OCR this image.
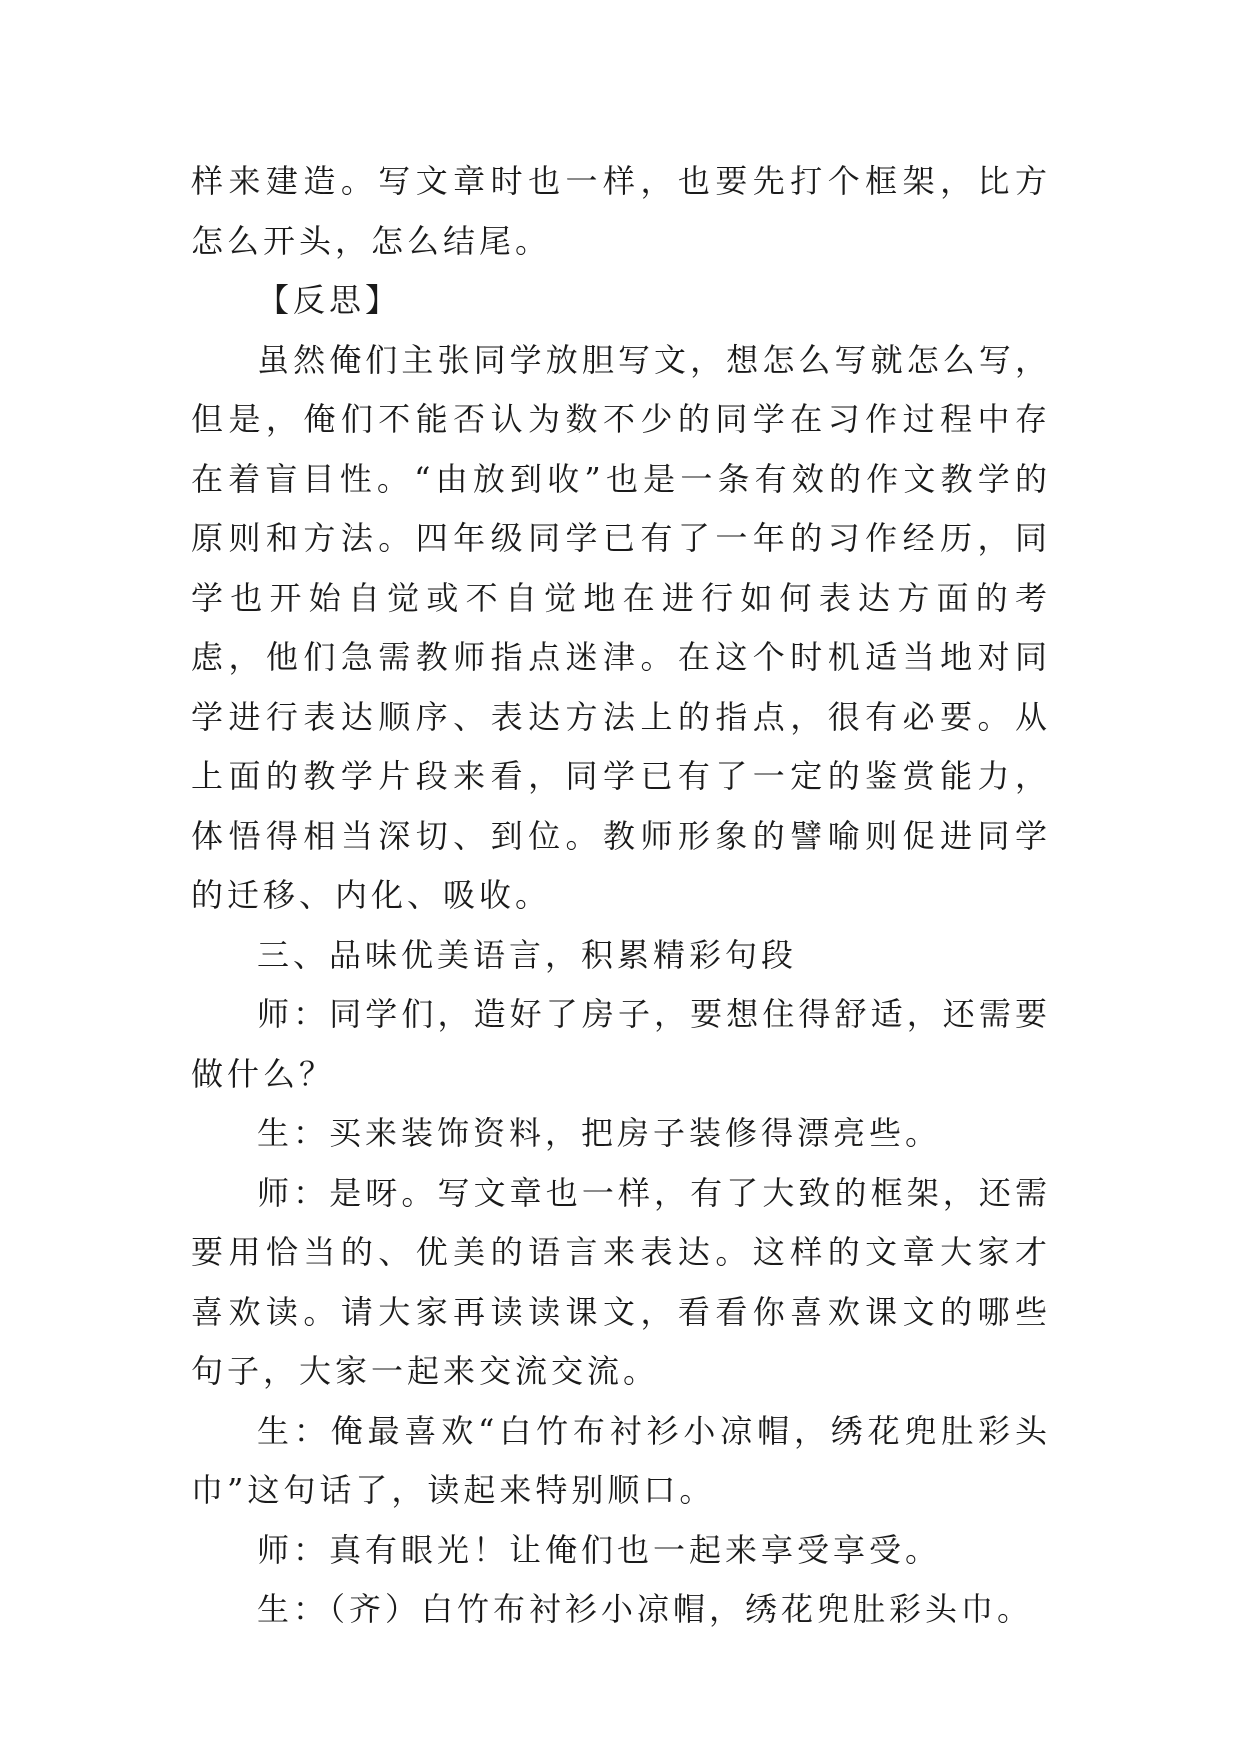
样来建造。写文章时也一样，也要先打个框架，比方怎么开头，怎么结尾。

【反思】

虽然俺们主张同学放胆写文，想怎么写就怎么写，但是，俺们不能否认为数不少的同学在习作过程中存在着盲目性。“由放到收”也是一条有效的作文教学的原则和方法。四年级同学已有了一年的习作经历，同学也开始自觉或不自觉地在进行如何表达方面的考虑，他们急需教师指点迷津。在这个时机适当地对同学进行表达顺序、表达方法上的指点，很有必要。从上面的教学片段来看，同学已有了一定的鉴赏能力，体悟得相当深切、到位。教师形象的譬喻则促进同学的迁移、内化、吸收。

三、品味优美语言，积累精彩句段

师：同学们，造好了房子，要想住得舒适，还需要做什么？

生：买来装饰资料，把房子装修得漂亮些。

师：是呀。写文章也一样，有了大致的框架，还需要用恰当的、优美的语言来表达。这样的文章大家才喜欢读。请大家再读读课文，看看你喜欢课文的哪些句子，大家一起来交流交流。

生：俺最喜欢“白竹布衬衫小凉帽，绣花兜肚彩头巾”这句话了，读起来特别顺口。

师：真有眼光！让俺们也一起来享受享受。

生：（齐）白竹布衬衫小凉帽，绣花兜肚彩头巾。
